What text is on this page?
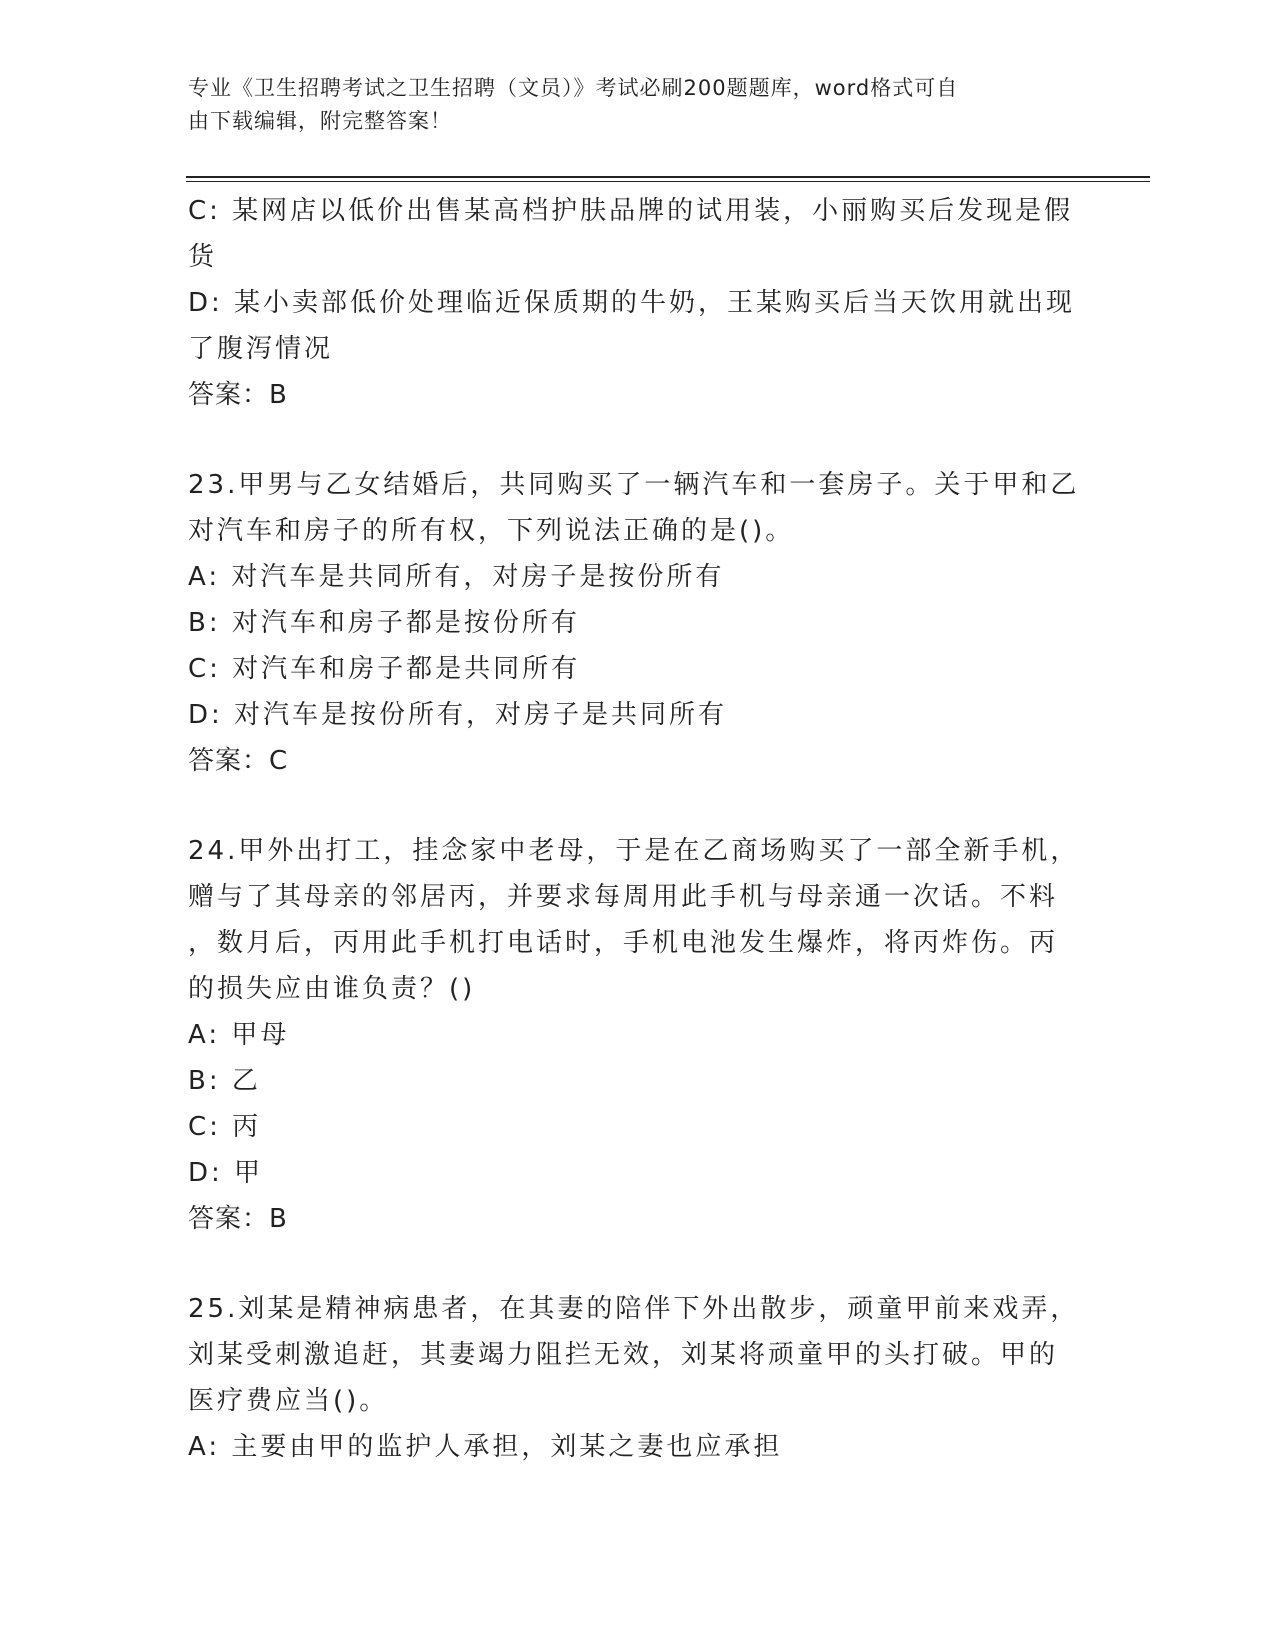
专业《卫生招聘考试之卫生招聘（文员）》考试必刷200题题库，word格式可自
由下载编辑，附完整答案！

C: 某网店以低价出售某高档护肤品牌的试用装，小丽购买后发现是假

货

D: 某小卖部低价处理临近保质期的牛奶，王某购买后当天饮用就出现

了腹泻情况

答案：B

23.甲男与乙女结婚后，共同购买了一辆汽车和一套房子。关于甲和乙

对汽车和房子的所有权，下列说法正确的是()。

A: 对汽车是共同所有，对房子是按份所有

B: 对汽车和房子都是按份所有

C: 对汽车和房子都是共同所有

D: 对汽车是按份所有，对房子是共同所有

答案：C

24.甲外出打工，挂念家中老母，于是在乙商场购买了一部全新手机，

赠与了其母亲的邻居丙，并要求每周用此手机与母亲通一次话。不料

，数月后，丙用此手机打电话时，手机电池发生爆炸，将丙炸伤。丙

的损失应由谁负责？()

A: 甲母

B: 乙

C: 丙

D: 甲

答案：B

25.刘某是精神病患者，在其妻的陪伴下外出散步，顽童甲前来戏弄，

刘某受刺激追赶，其妻竭力阻拦无效，刘某将顽童甲的头打破。甲的

医疗费应当()。

A: 主要由甲的监护人承担，刘某之妻也应承担
